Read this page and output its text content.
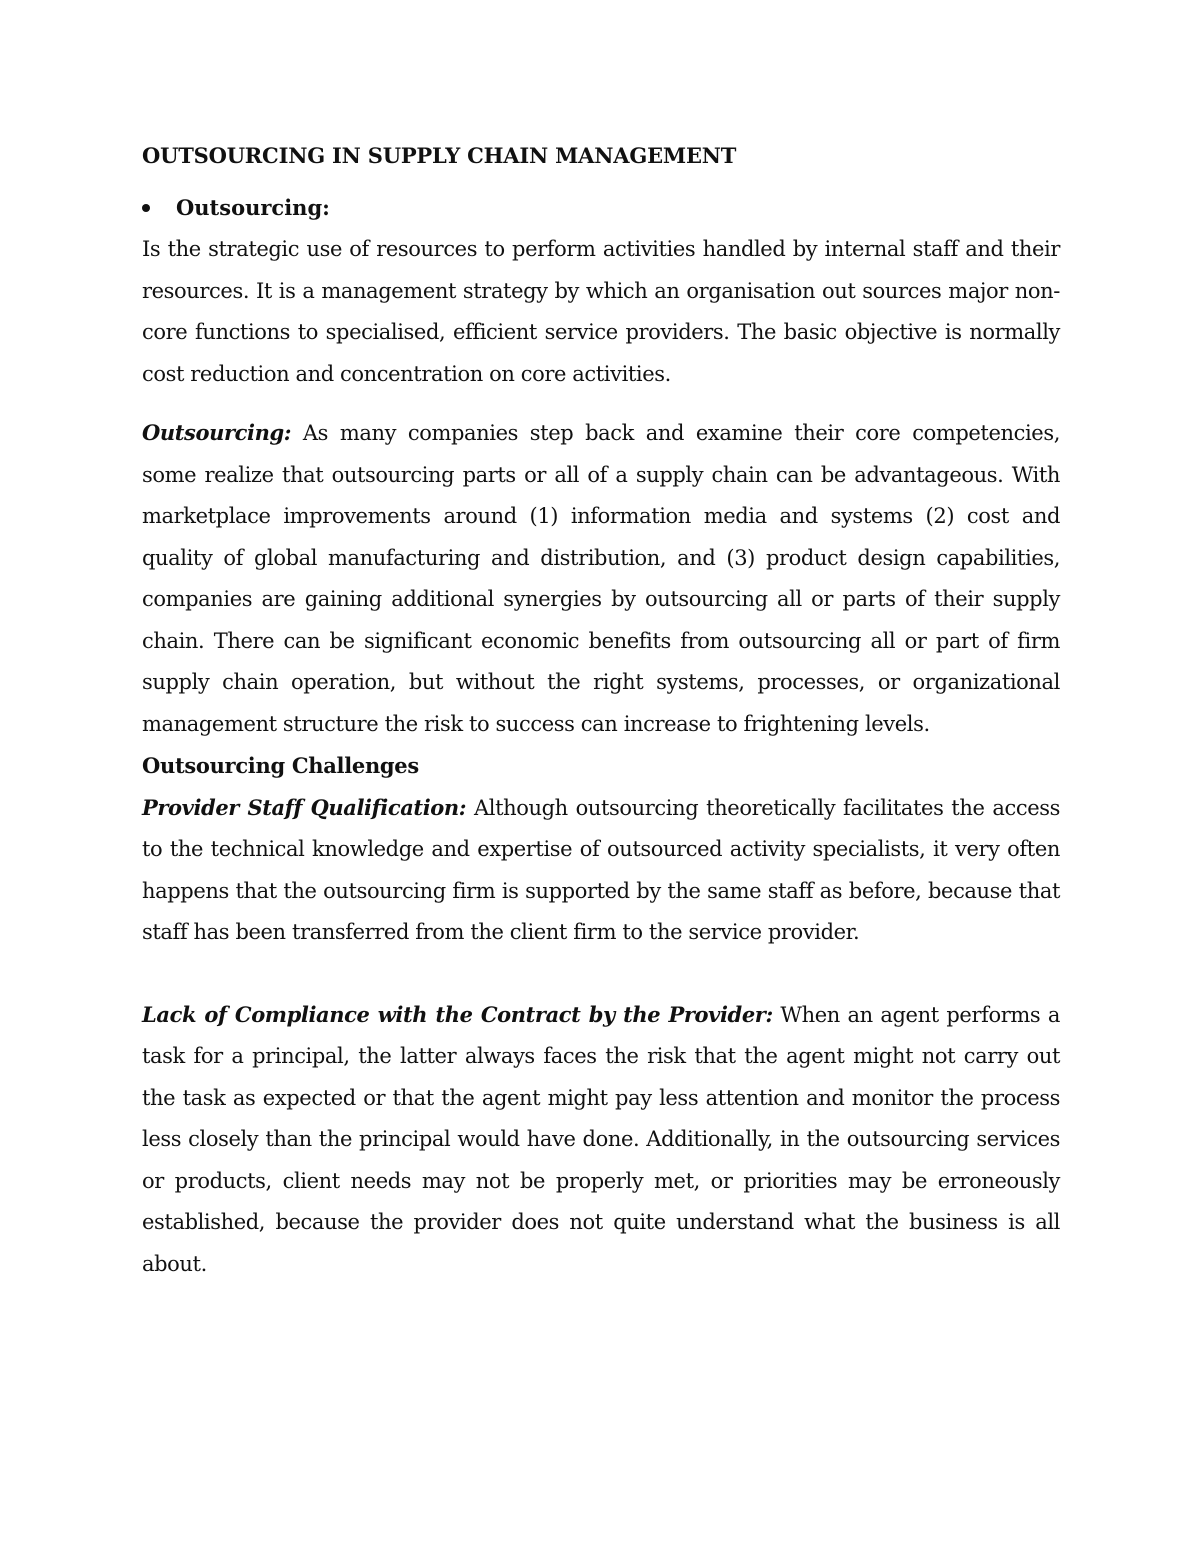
OUTSOURCING IN SUPPLY CHAIN MANAGEMENT
Outsourcing:

Is the strategic use of resources to perform activities handled by internal staff and their resources. It is a management strategy by which an organisation out sources major non-core functions to specialised, efficient service providers. The basic objective is normally cost reduction and concentration on core activities.

Outsourcing: As many companies step back and examine their core competencies, some realize that outsourcing parts or all of a supply chain can be advantageous. With marketplace improvements around (1) information media and systems (2) cost and quality of global manufacturing and distribution, and (3) product design capabilities, companies are gaining additional synergies by outsourcing all or parts of their supply chain. There can be significant economic benefits from outsourcing all or part of firm supply chain operation, but without the right systems, processes, or organizational management structure the risk to success can increase to frightening levels.

Outsourcing Challenges

Provider Staff Qualification: Although outsourcing theoretically facilitates the access to the technical knowledge and expertise of outsourced activity specialists, it very often happens that the outsourcing firm is supported by the same staff as before, because that staff has been transferred from the client firm to the service provider.

Lack of Compliance with the Contract by the Provider: When an agent performs a task for a principal, the latter always faces the risk that the agent might not carry out the task as expected or that the agent might pay less attention and monitor the process less closely than the principal would have done. Additionally, in the outsourcing services or products, client needs may not be properly met, or priorities may be erroneously established, because the provider does not quite understand what the business is all about.
